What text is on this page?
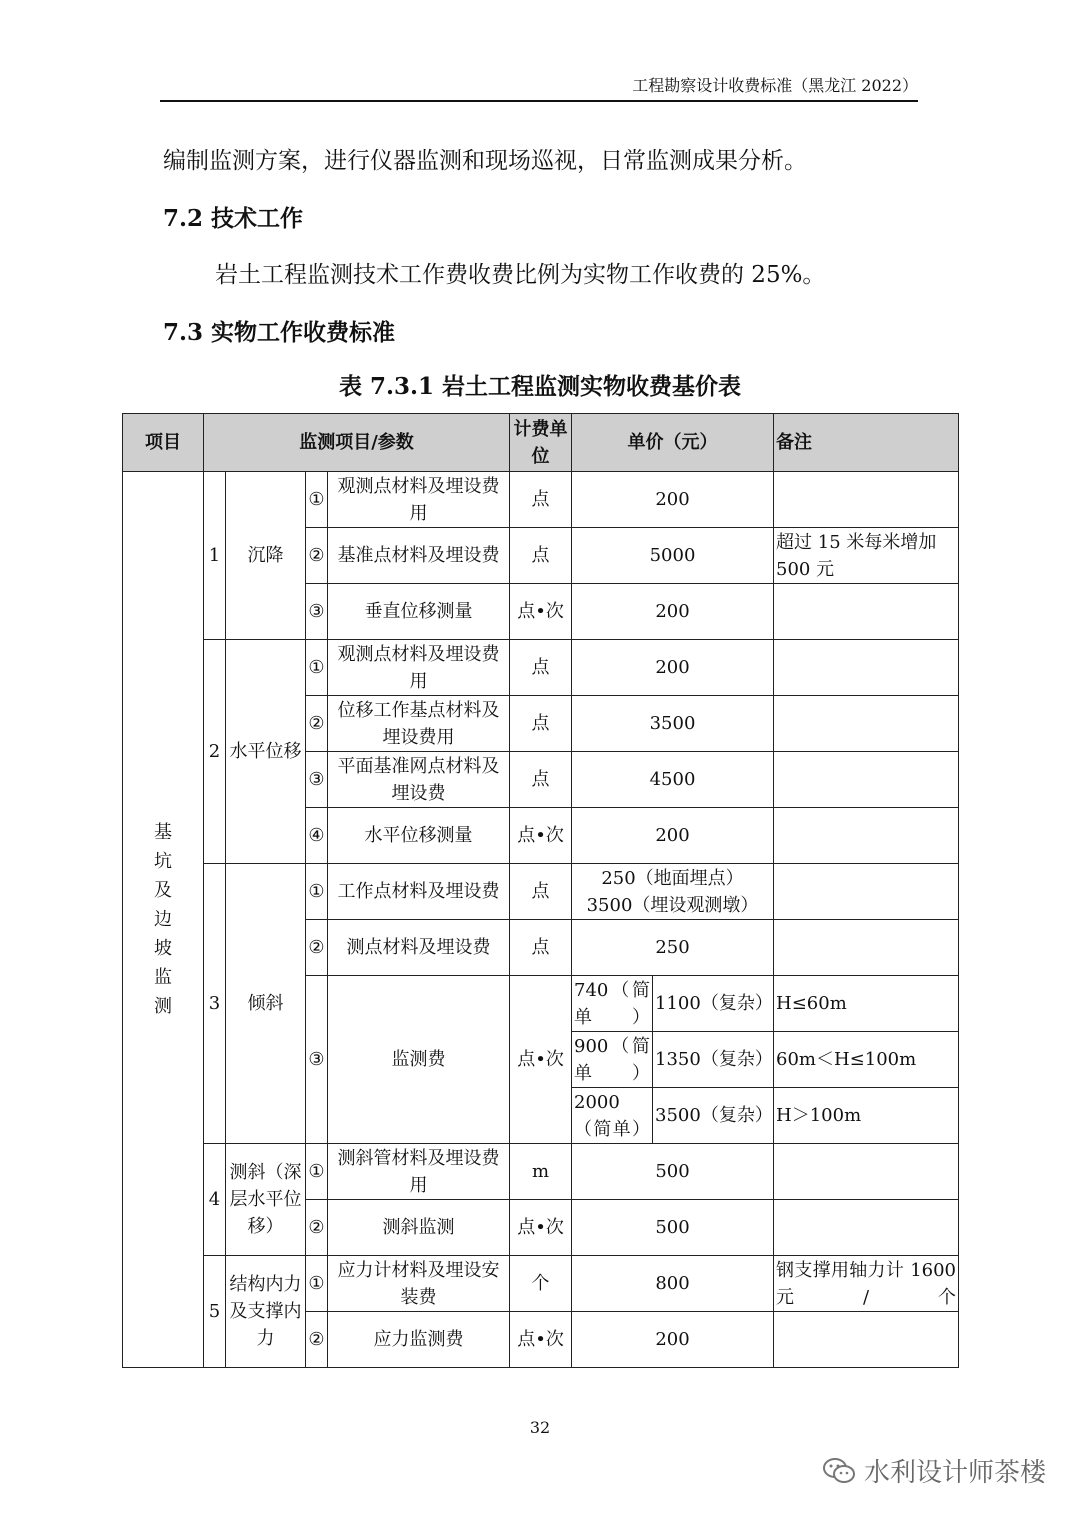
工程勘察设计收费标准（黑龙江 2022）
编制监测方案，进行仪器监测和现场巡视，日常监测成果分析。
7.2 技术工作
岩土工程监测技术工作费收费比例为实物工作收费的 25%。
7.3 实物工作收费标准
表 7.3.1 岩土工程监测实物收费基价表
项目	监测项目/参数				计费单位	单价（元）		备注
基坑及边坡监测	1	沉降	①	观测点材料及埋设费用	点	200		
			②	基准点材料及埋设费	点	5000		超过 15 米每米增加 500 元
			③	垂直位移测量	点•次	200		
	2	水平位移	①	观测点材料及埋设费用	点	200		
			②	位移工作基点材料及埋设费用	点	3500		
			③	平面基准网点材料及埋设费	点	4500		
			④	水平位移测量	点•次	200		
	3	倾斜	①	工作点材料及埋设费	点	250（地面埋点）
3500（埋设观测墩）		

			②	测点材料及埋设费	点	250		
			③	监测费	点•次	740（简单）	1100（复杂）	H≤60m
						900（简单）	1350（复杂）	60m＜H≤100m
						2000（简单）	3500（复杂）	H＞100m
	4	测斜（深层水平位移）	①	测斜管材料及埋设费用	m	500		
			②	测斜监测	点•次	500		
	5	结构内力及支撑内力	①	应力计材料及埋设安装费	个	800		钢支撑用轴力计 1600 元/个
			②	应力监测费	点•次	200		
32
水利设计师茶楼
